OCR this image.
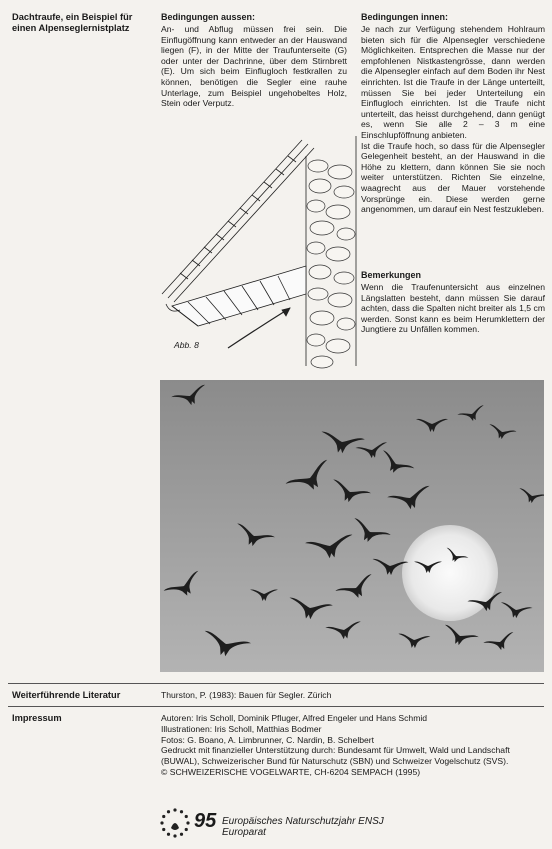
Dachtraufe, ein Beispiel für einen Alpenseglernistplatz
Bedingungen aussen:
An- und Abflug müssen frei sein. Die Einflugöffnung kann entweder an der Hauswand liegen (F), in der Mitte der Traufunterseite (G) oder unter der Dachrinne, über dem Stirnbrett (E). Um sich beim Einflugloch festkrallen zu können, benötigen die Segler eine rauhe Unterlage, zum Beispiel ungehobeltes Holz, Stein oder Verputz.
Bedingungen innen:
Je nach zur Verfügung stehendem Hohlraum bieten sich für die Alpensegler verschiedene Möglichkeiten. Entsprechen die Masse nur der empfohlenen Nistkastengrösse, dann werden die Alpensegler einfach auf dem Boden ihr Nest einrichten. Ist die Traufe in der Länge unterteilt, müssen Sie bei jeder Unterteilung ein Einflugloch einrichten. Ist die Traufe nicht unterteilt, das heisst durchgehend, dann genügt es, wenn Sie alle 2 – 3 m eine Einschlupföffnung anbieten.
Ist die Traufe hoch, so dass für die Alpensegler Gelegenheit besteht, an der Hauswand in die Höhe zu klettern, dann können Sie sie noch weiter unterstützen. Richten Sie einzelne, waagrecht aus der Mauer vorstehende Vorsprünge ein. Diese werden gerne angenommen, um darauf ein Nest festzukleben.
Bemerkungen
Wenn die Traufenuntersicht aus einzelnen Längslatten besteht, dann müssen Sie darauf achten, dass die Spalten nicht breiter als 1,5 cm werden. Sonst kann es beim Herumklettern der Jungtiere zu Unfällen kommen.
Abb. 8
Weiterführende Literatur	Thurston, P. (1983): Bauen für Segler. Zürich
Impressum	Autoren: Iris Scholl, Dominik Pfluger, Alfred Engeler und Hans Schmid
Illustrationen: Iris Scholl, Matthias Bodmer
Fotos: G. Boano, A. Limbrunner, C. Nardin, B. Schelbert
Gedruckt mit finanzieller Unterstützung durch: Bundesamt für Umwelt, Wald und Landschaft (BUWAL), Schweizerischer Bund für Naturschutz (SBN) und Schweizer Vogelschutz (SVS).
© SCHWEIZERISCHE VOGELWARTE, CH-6204 SEMPACH (1995)
95 Europäisches Naturschutzjahr ENSJ Europarat
